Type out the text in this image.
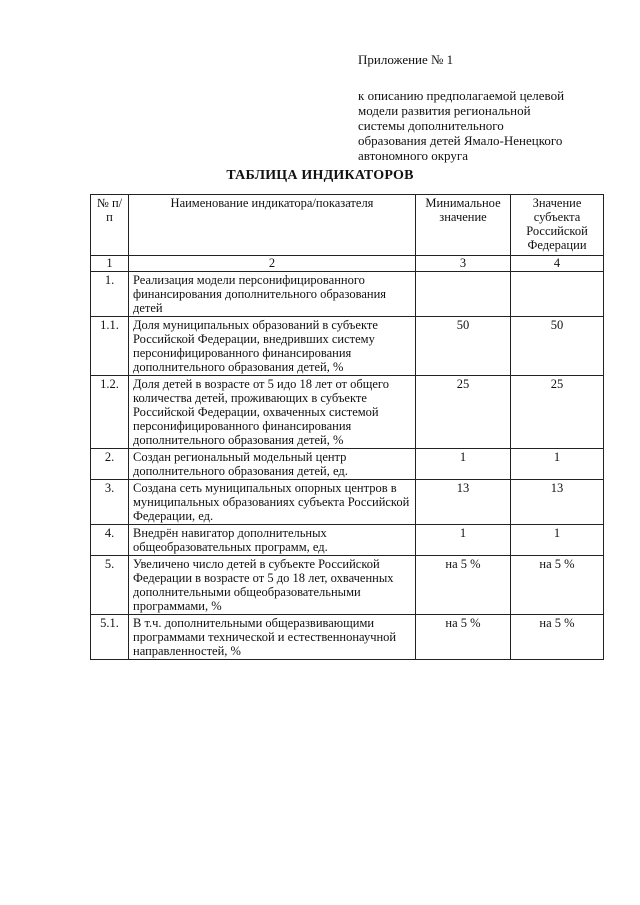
Приложение № 1
к описанию предполагаемой целевой
модели развития региональной
системы дополнительного
образования детей Ямало-Ненецкого
автономного округа
ТАБЛИЦА ИНДИКАТОРОВ
№ п/п	Наименование индикатора/показателя	Минимальное значение	Значение субъекта Российской Федерации
1	2	3	4
1.	Реализация модели персонифицированного финансирования дополнительного образования детей		
1.1.	Доля муниципальных образований в субъекте Российской Федерации, внедривших систему персонифицированного финансирования дополнительного образования детей, %	50	50
1.2.	Доля детей в возрасте от 5 идо 18 лет от общего количества детей, проживающих в субъекте Российской Федерации, охваченных системой персонифицированного финансирования дополнительного образования детей, %	25	25
2.	Создан региональный модельный центр дополнительного образования детей, ед.	1	1
3.	Создана сеть муниципальных опорных центров в муниципальных образованиях субъекта Российской Федерации, ед.	13	13
4.	Внедрён навигатор дополнительных общеобразовательных программ, ед.	1	1
5.	Увеличено число детей в субъекте Российской Федерации в возрасте от 5 до 18 лет, охваченных дополнительными общеобразовательными программами, %	на 5 %	на 5 %
5.1.	В т.ч. дополнительными общеразвивающими программами технической и естественнонаучной направленностей, %	на 5 %	на 5 %
